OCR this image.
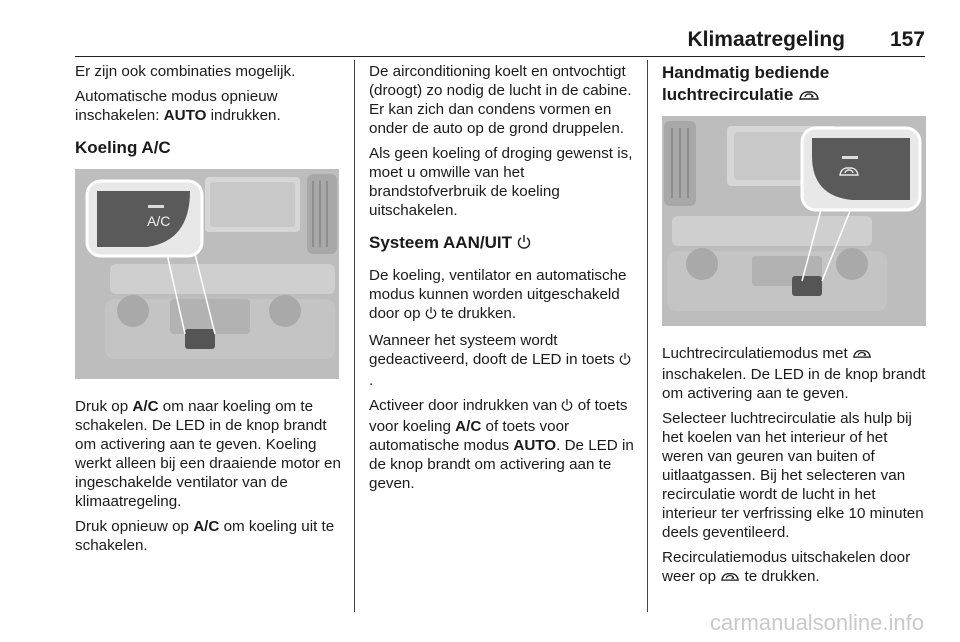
Klimaatregeling 157

Er zijn ook combinaties mogelijk.

Automatische modus opnieuw inschakelen: AUTO indrukken.

Koeling A/C
A/C

Druk op A/C om naar koeling om te schakelen. De LED in de knop brandt om activering aan te geven. Koeling werkt alleen bij een draaiende motor en ingeschakelde ventilator van de klimaatregeling.

Druk opnieuw op A/C om koeling uit te schakelen.

De airconditioning koelt en ontvochtigt (droogt) zo nodig de lucht in de cabine. Er kan zich dan condens vormen en onder de auto op de grond druppelen.

Als geen koeling of droging gewenst is, moet u omwille van het brandstofverbruik de koeling uitschakelen.

Systeem AAN/UIT

De koeling, ventilator en automatische modus kunnen worden uitgeschakeld door op  te drukken.

Wanneer het systeem wordt gedeactiveerd, dooft de LED in toets .

Activeer door indrukken van  of toets voor koeling A/C of toets voor automatische modus AUTO. De LED in de knop brandt om activering aan te geven.

Handmatig bediende luchtrecirculatie

Luchtrecirculatiemodus met  inschakelen. De LED in de knop brandt om activering aan te geven.

Selecteer luchtrecirculatie als hulp bij het koelen van het interieur of het weren van geuren van buiten of uitlaatgassen. Bij het selecteren van recirculatie wordt de lucht in het interieur ter verfrissing elke 10 minuten deels geventileerd.

Recirculatiemodus uitschakelen door weer op  te drukken.

carmanualsonline.info
